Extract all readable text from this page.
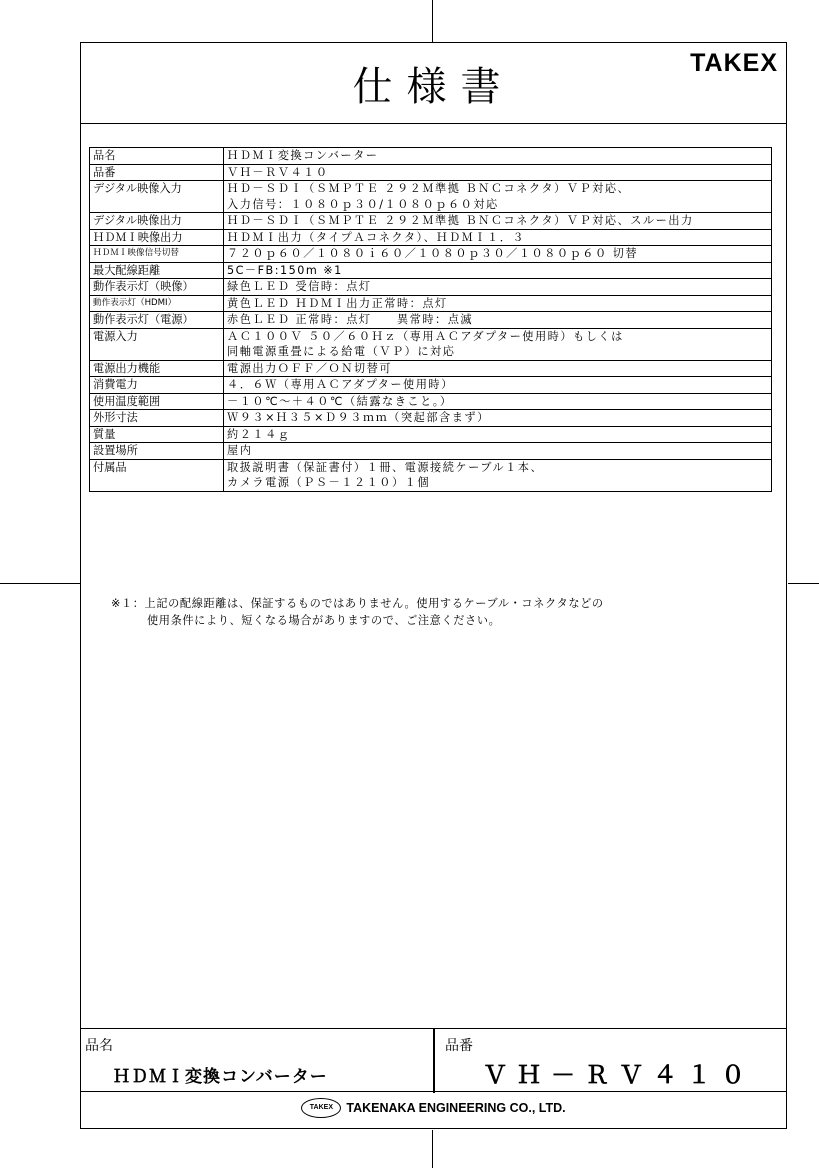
仕様書
TAKEX
品名	ＨＤＭＩ変換コンバーター

品番	ＶＨ－ＲＶ４１０

デジタル映像入力	ＨＤ－ＳＤＩ（ＳＭＰＴＥ ２９２Ｍ準拠 ＢＮＣコネクタ）ＶＰ対応、
入力信号：１０８０ｐ３０/１０８０ｐ６０対応

デジタル映像出力	ＨＤ－ＳＤＩ（ＳＭＰＴＥ ２９２Ｍ準拠 ＢＮＣコネクタ）ＶＰ対応、スルー出力

ＨＤＭＩ映像出力	ＨＤＭＩ出力（タイプＡコネクタ）、ＨＤＭＩ１．３

ＨＤＭＩ映像信号切替	７２０ｐ６０／１０８０ｉ６０／１０８０ｐ３０／１０８０ｐ６０ 切替

最大配線距離	5C－FB:150m ※1

動作表示灯（映像）	緑色ＬＥＤ 受信時：点灯

動作表示灯（HDMI）	黄色ＬＥＤ ＨＤＭＩ出力正常時：点灯

動作表示灯（電源）	赤色ＬＥＤ 正常時：点灯　　異常時：点滅

電源入力	ＡＣ１００Ｖ ５０／６０Ｈｚ（専用ＡＣアダプター使用時）もしくは
同軸電源重畳による給電（ＶＰ）に対応

電源出力機能	電源出力ＯＦＦ／ＯＮ切替可

消費電力	４．６Ｗ（専用ＡＣアダプター使用時）

使用温度範囲	－１０℃～＋４０℃（結露なきこと。）

外形寸法	Ｗ９３×Ｈ３５×Ｄ９３ｍｍ（突起部含まず）

質量	約２１４ｇ

設置場所	屋内

付属品	取扱説明書（保証書付）１冊、電源接続ケーブル１本、
カメラ電源（ＰＳ－１２１０）１個
※１：上記の配線距離は、保証するものではありません。使用するケーブル・コネクタなどの
使用条件により、短くなる場合がありますので、ご注意ください。
品名
ＨＤＭＩ変換コンバーター
品番
ＶＨ－ＲＶ４１０
TAKEX TAKENAKA ENGINEERING CO., LTD.
